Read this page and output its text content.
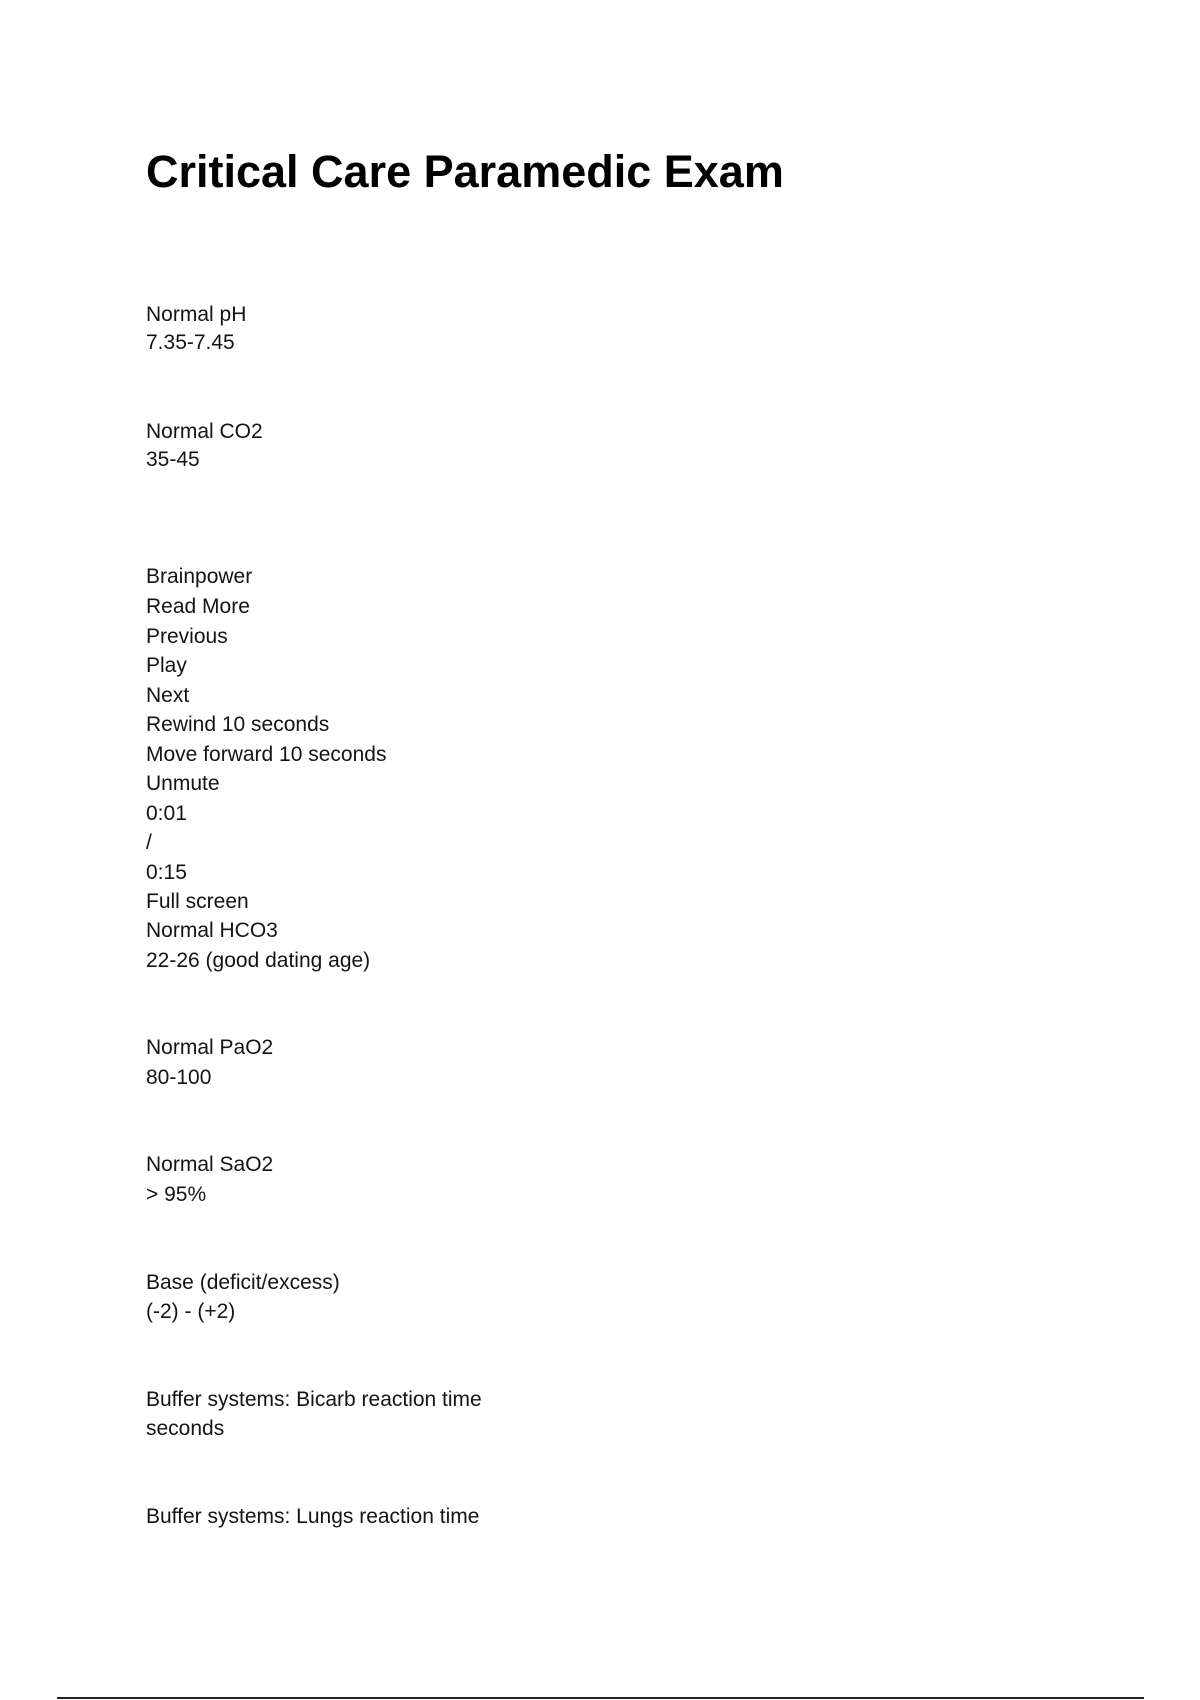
Critical Care Paramedic Exam
Normal pH
7.35-7.45
Normal CO2
35-45
Brainpower
Read More
Previous
Play
Next
Rewind 10 seconds
Move forward 10 seconds
Unmute
0:01
/
0:15
Full screen
Normal HCO3
22-26 (good dating age)
Normal PaO2
80-100
Normal SaO2
> 95%
Base (deficit/excess)
(-2) - (+2)
Buffer systems: Bicarb reaction time
seconds
Buffer systems: Lungs reaction time
